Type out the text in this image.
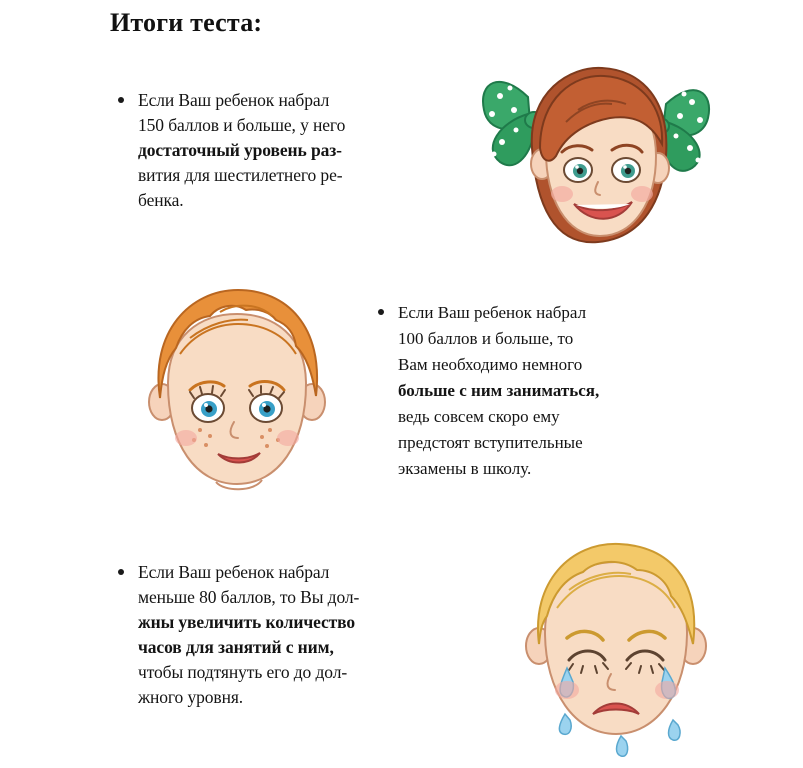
Итоги теста:
Если Ваш ребенок набрал
150 баллов и больше, у него
достаточный уровень раз-
вития для шестилетнего ре-
бенка.
Если Ваш ребенок набрал
100 баллов и больше, то
Вам необходимо немного
больше с ним заниматься,
ведь совсем скоро ему
предстоят вступительные
экзамены в школу.
Если Ваш ребенок набрал
меньше 80 баллов, то Вы дол-
жны увеличить количество
часов для занятий с ним,
чтобы подтянуть его до дол-
жного уровня.
